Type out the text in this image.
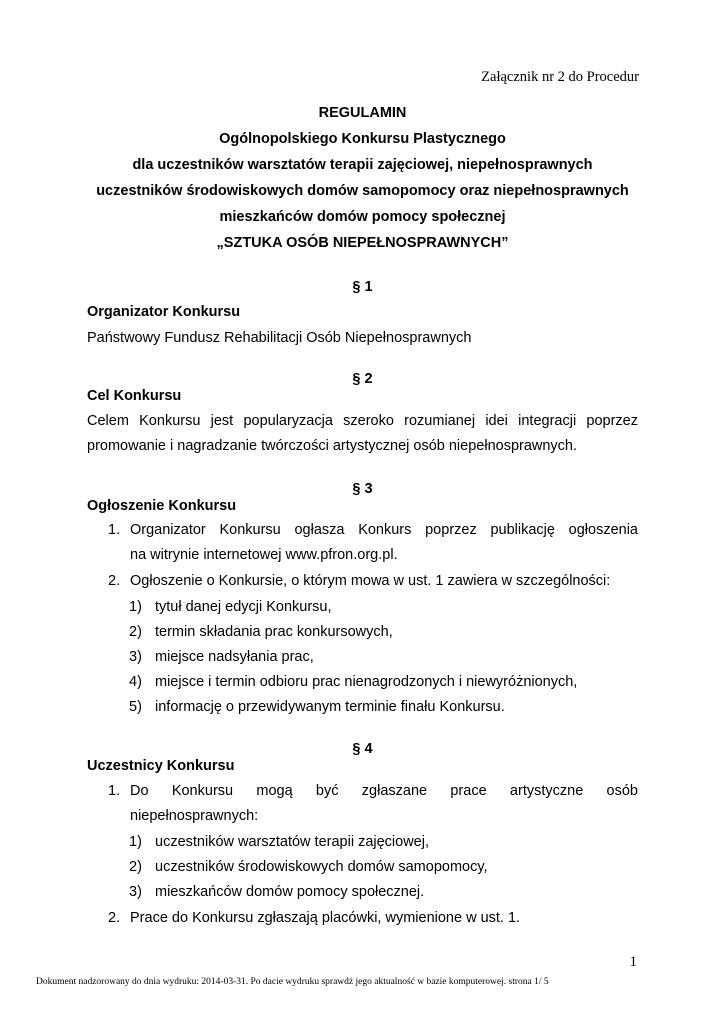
Załącznik nr 2 do Procedur
REGULAMIN
Ogólnopolskiego Konkursu Plastycznego
dla uczestników warsztatów terapii zajęciowej, niepełnosprawnych
uczestników środowiskowych domów samopomocy oraz niepełnosprawnych
mieszkańców domów pomocy społecznej
„SZTUKA OSÓB NIEPEŁNOSPRAWNYCH”
§ 1
Organizator Konkursu
Państwowy Fundusz Rehabilitacji Osób Niepełnosprawnych
§ 2
Cel Konkursu
Celem Konkursu jest popularyzacja szeroko rozumianej idei integracji poprzez
promowanie i nagradzanie twórczości artystycznej osób niepełnosprawnych.
§ 3
Ogłoszenie Konkursu
1. Organizator Konkursu ogłasza Konkurs poprzez publikację ogłoszenia
na witrynie internetowej www.pfron.org.pl.
2. Ogłoszenie o Konkursie, o którym mowa w ust. 1 zawiera w szczególności:
1) tytuł danej edycji Konkursu,
2) termin składania prac konkursowych,
3) miejsce nadsyłania prac,
4) miejsce i termin odbioru prac nienagrodzonych i niewyróżnionych,
5) informację o przewidywanym terminie finału Konkursu.
§ 4
Uczestnicy Konkursu
1. Do Konkursu mogą być zgłaszane prace artystyczne osób
niepełnosprawnych:
1) uczestników warsztatów terapii zajęciowej,
2) uczestników środowiskowych domów samopomocy,
3) mieszkańców domów pomocy społecznej.
2. Prace do Konkursu zgłaszają placówki, wymienione w ust. 1.
1
Dokument nadzorowany do dnia wydruku: 2014-03-31. Po dacie wydruku sprawdź jego aktualność w bazie komputerowej. strona 1/ 5
